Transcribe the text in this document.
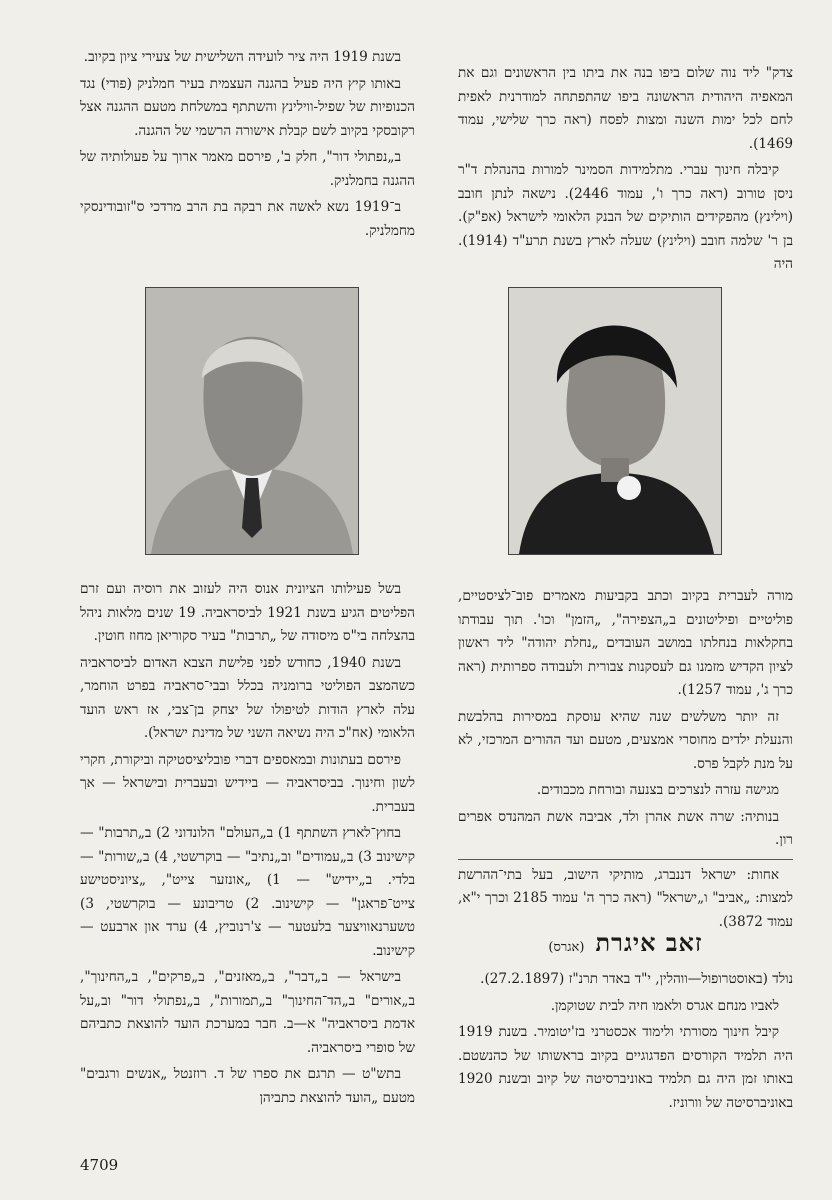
צדק" ליד נוה שלום ביפו בנה את ביתו בין הראשונים וגם את המאפיה היהודית הראשונה ביפו שהתפתחה למודרנית לאפית לחם לכל ימות השנה ומצות לפסח (ראה כרך שלישי, עמוד 1469).

קיבלה חינוך עברי. מתלמידות הסמינר למורות בהנהלת ד"ר ניסן טורוב (ראה כרך ו', עמוד 2446). נישאה לנתן חובב (וילינץ) מהפקידים הותיקים של הבנק הלאומי לישראל (אפ"ק). בן ר' שלמה חובב (וילינץ) שעלה לארץ בשנת תרע"ד (1914). היה

בשנת 1919 היה ציר לועידה השלישית של צעירי ציון בקיוב.

באותו קיץ היה פעיל בהגנה העצמית בעיר חמלניק (פודי) נגד הכנופיות של שפיל-ווילינץ והשתתף במשלחת מטעם ההגנה אצל רקובסקי בקיוב לשם קבלת אישורה הרשמי של ההגנה.

ב„נפתולי דור", חלק ב', פירסם מאמר ארוך על פעולותיה של ההגנה בחמלניק.

ב־1919 נשא לאשה את רבקה בת הרב מרדכי ס"זובודינסקי מחמלניק.

מורה לעברית בקיוב וכתב בקביעות מאמרים פוב־לציסטיים, פוליטיים ופיליטונים ב„הצפירה", „הזמן" וכו'. תוך עבודתו בחקלאות בנחלתו במושב העובדים „נחלת יהודה" ליד ראשון לציון הקדיש מזמנו גם לעסקנות צבורית ולעבודה ספרותית (ראה כרך ג', עמוד 1257).

זה יותר משלשים שנה שהיא עוסקת במסירות בהלבשת והנעלת ילדים מחוסרי אמצעים, מטעם ועד ההורים המרכזי, לא על מנת לקבל פרס.

מגישה עזרה לנצרכים בצנעה ובורחת מכבודים.

בנותיה: שרה אשת אהרן ולד, אביבה אשת המהנדס אפרים רון.

אחות: ישראל דננברג, מותיקי הישוב, בעל בתי־ההרשת למצות: „אביב" ו„ישראל" (ראה כרך ה' עמוד 2185 וכרך י"א, עמוד 3872).

זאב איגרת (אגרס)

נולד (באוסטרופול—ווהלין, י"ד באדר תרנ"ז (27.2.1897).

לאביו מנחם אגרס ולאמו חיה לבית שטוקמן.

קיבל חינוך מסורתי ולימוד אכסטרני בז'יטומיר. בשנת 1919 היה תלמיד הקורסים הפדגוגיים בקיוב בראשותו של כהנשטם. באותו זמן היה גם תלמיד באוניברסיטה של קיוב ובשנת 1920 באוניברסיטה של וורוניז.

בשל פעילותו הציונית אנוס היה לעזוב את רוסיה ועם זרם הפליטים הגיע בשנת 1921 לביסראביה. 19 שנים מלאות ניהל בהצלחה בי"ס מיסודה של „תרבות" בעיר סקוריאן מחוז חוטין.

בשנת 1940, כחודש לפני פלישת הצבא האדום לביסראביה כשהמצב הפוליטי ברומניה בכלל ובבי־סראביה בפרט הוחמר, עלה לארץ הודות לטיפולו של יצחק בן־צבי, אז ראש הועד הלאומי (אח"כ היה נשיאה השני של מדינת ישראל).

פירסם בעתונות ובמאספים דברי פובליציסטיקה וביקורת, חקרי לשון וחינוך. בביסראביה — ביידיש ובעברית ובישראל — אך בעברית.

בחוץ־לארץ השתתף 1) ב„העולם" הלונדוני 2) ב„תרבות" — קישינוב 3) ב„עמודים" וב„נתיב" — בוקרשטי, 4) ב„שורות" — בלדי. ב„יידיש" — 1) „אונזער צייט", „ציוניסטישע צייט־פראגן" — קישינוב. 2) טריבונע — בוקרשטי, 3) טשערנאוויצער בלעטער — צ'רנוביץ, 4) ערד און ארבעט — קישינוב.

בישראל — ב„דבר", ב„מאזנים", ב„פרקים", ב„החינוך", ב„אורים" ב„הד־החינוך" ב„תמורות", ב„נפתולי דור" וב„על אדמת ביסראביה" א—ב. חבר במערכת הועד להוצאת כתביהם של סופרי ביסראביה.

בתש"ט — תרגם את ספרו של ד. רוזנטל „אנשים ורגבים" מטעם „הועד להוצאת כתביהן

4709
